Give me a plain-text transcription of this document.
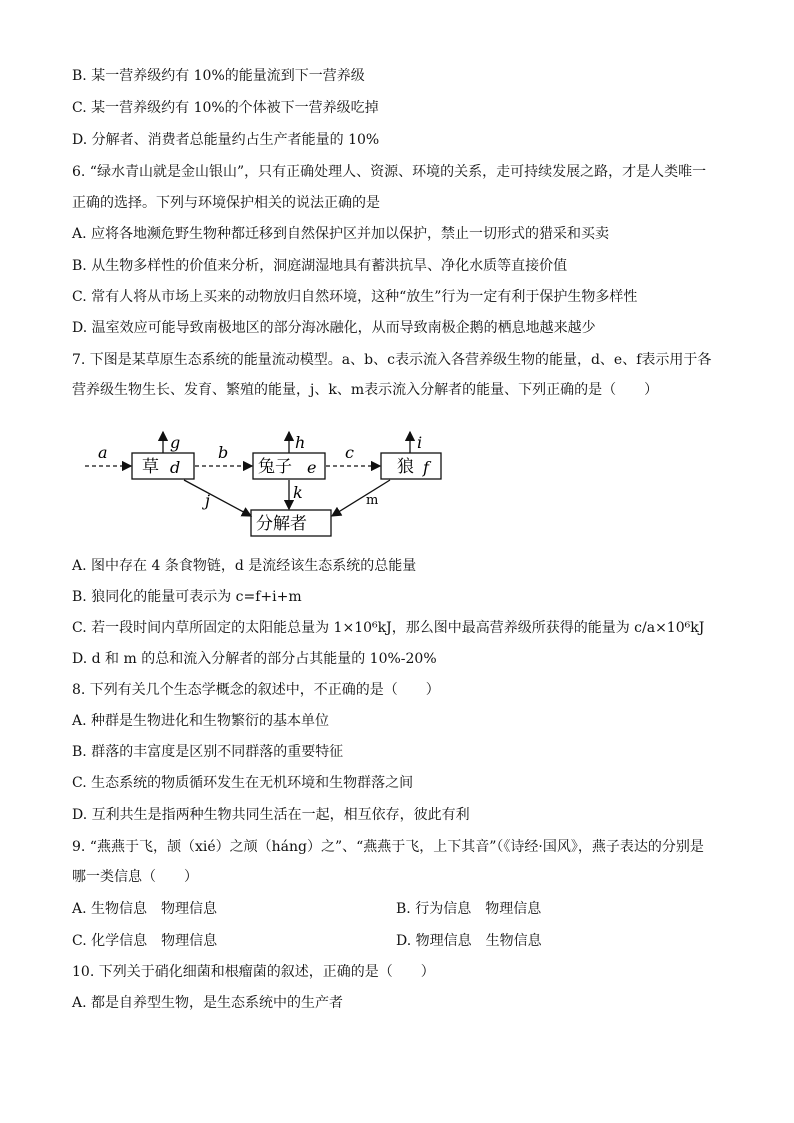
B. 某一营养级约有 10%的能量流到下一营养级
C. 某一营养级约有 10%的个体被下一营养级吃掉
D. 分解者、消费者总能量约占生产者能量的 10%
6. “绿水青山就是金山银山”，只有正确处理人、资源、环境的关系，走可持续发展之路，才是人类唯一
正确的选择。下列与环境保护相关的说法正确的是
A. 应将各地濒危野生物种都迁移到自然保护区并加以保护，禁止一切形式的猎采和买卖
B. 从生物多样性的价值来分析，洞庭湖湿地具有蓄洪抗旱、净化水质等直接价值
C. 常有人将从市场上买来的动物放归自然环境，这种“放生”行为一定有利于保护生物多样性
D. 温室效应可能导致南极地区的部分海冰融化，从而导致南极企鹅的栖息地越来越少
7. 下图是某草原生态系统的能量流动模型。a、b、c表示流入各营养级生物的能量，d、e、f表示用于各
营养级生物生长、发育、繁殖的能量，j、k、m表示流入分解者的能量、下列正确的是（　　）
a
草 d
g
b
兔子 e
h
c
狼 f
i
分解者
j	k	m
A. 图中存在 4 条食物链，d 是流经该生态系统的总能量
B. 狼同化的能量可表示为 c=f+i+m
C. 若一段时间内草所固定的太阳能总量为 1×10⁶kJ，那么图中最高营养级所获得的能量为 c/a×10⁶kJ
D. d 和 m 的总和流入分解者的部分占其能量的 10%-20%
8. 下列有关几个生态学概念的叙述中，不正确的是（　　）
A. 种群是生物进化和生物繁衍的基本单位
B. 群落的丰富度是区别不同群落的重要特征
C. 生态系统的物质循环发生在无机环境和生物群落之间
D. 互利共生是指两种生物共同生活在一起，相互依存，彼此有利
9. “燕燕于飞，颉（xié）之颃（háng）之”、“燕燕于飞，上下其音”（《诗经·国风》，燕子表达的分别是
哪一类信息（　　）
A. 生物信息　物理信息	B. 行为信息　物理信息
C. 化学信息　物理信息	D. 物理信息　生物信息
10. 下列关于硝化细菌和根瘤菌的叙述，正确的是（　　）
A. 都是自养型生物，是生态系统中的生产者
